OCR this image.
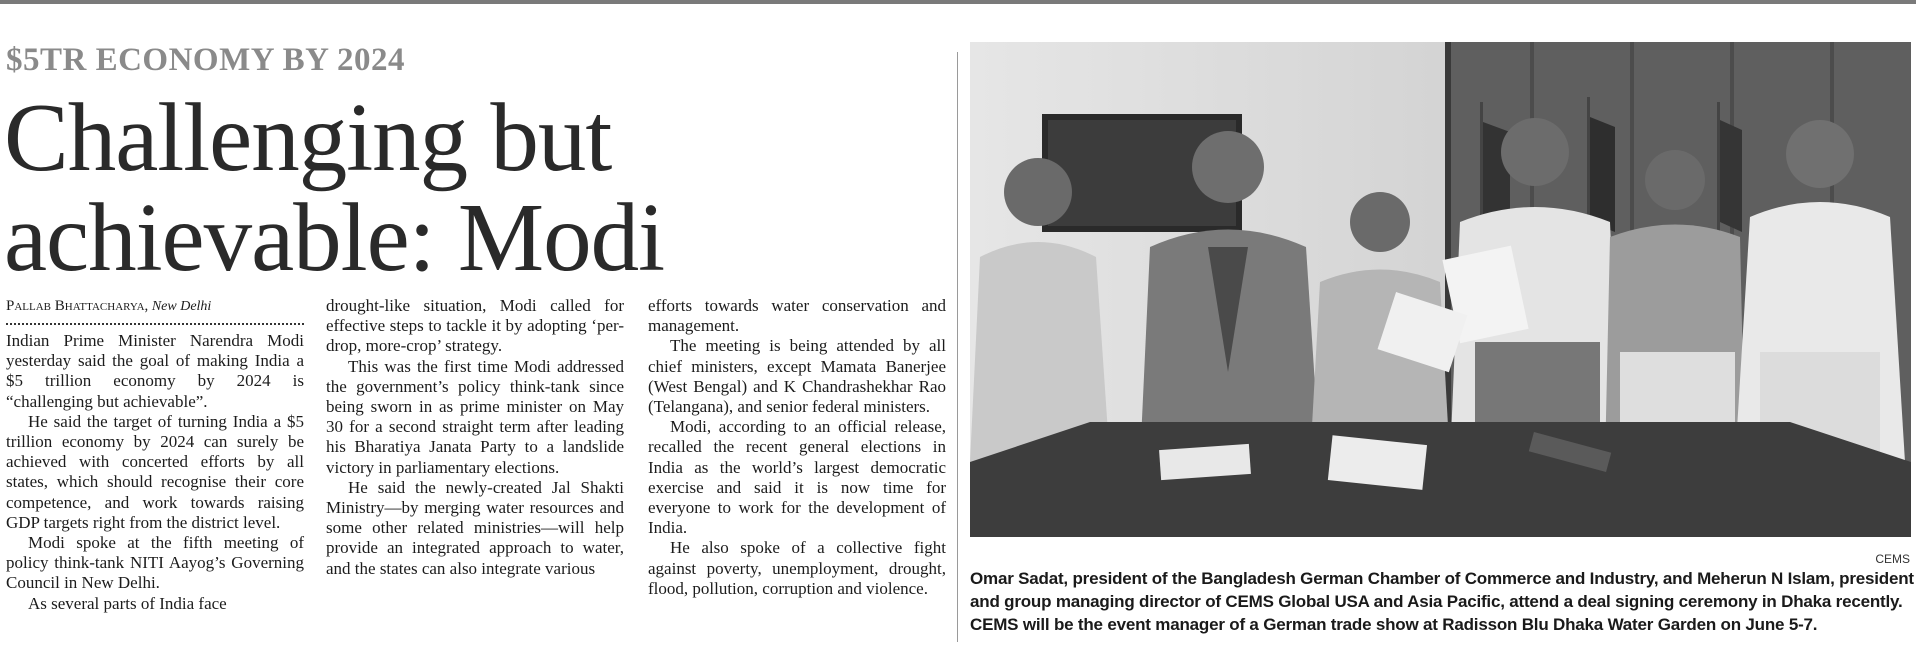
$5TR ECONOMY BY 2024
Challenging but
achievable: Modi
Pallab Bhattacharya, New Delhi

Indian Prime Minister Narendra Modi yesterday said the goal of making India a $5 trillion economy by 2024 is “challenging but achievable”.

He said the target of turning India a $5 trillion economy by 2024 can surely be achieved with concerted efforts by all states, which should recognise their core competence, and work towards raising GDP targets right from the district level.

Modi spoke at the fifth meeting of policy think-tank NITI Aayog’s Governing Council in New Delhi.

As several parts of India face

drought-like situation, Modi called for effective steps to tackle it by adopting ‘per-drop, more-crop’ strategy.

This was the first time Modi addressed the government’s policy think-tank since being sworn in as prime minister on May 30 for a second straight term after leading his Bharatiya Janata Party to a landslide victory in parliamentary elections.

He said the newly-created Jal Shakti Ministry—by merging water resources and some other related ministries—will help provide an integrated approach to water, and the states can also integrate various

efforts towards water conservation and management.

The meeting is being attended by all chief ministers, except Mamata Banerjee (West Bengal) and K Chandrashekhar Rao (Telangana), and senior federal ministers.

Modi, according to an official release, recalled the recent general elections in India as the world’s largest democratic exercise and said it is now time for everyone to work for the development of India.

He also spoke of a collective fight against poverty, unemployment, drought, flood, pollution, corruption and violence.

CEMS
Omar Sadat, president of the Bangladesh German Chamber of Commerce and Industry, and Meherun N Islam, president
and group managing director of CEMS Global USA and Asia Pacific, attend a deal signing ceremony in Dhaka recently.
CEMS will be the event manager of a German trade show at Radisson Blu Dhaka Water Garden on June 5-7.
